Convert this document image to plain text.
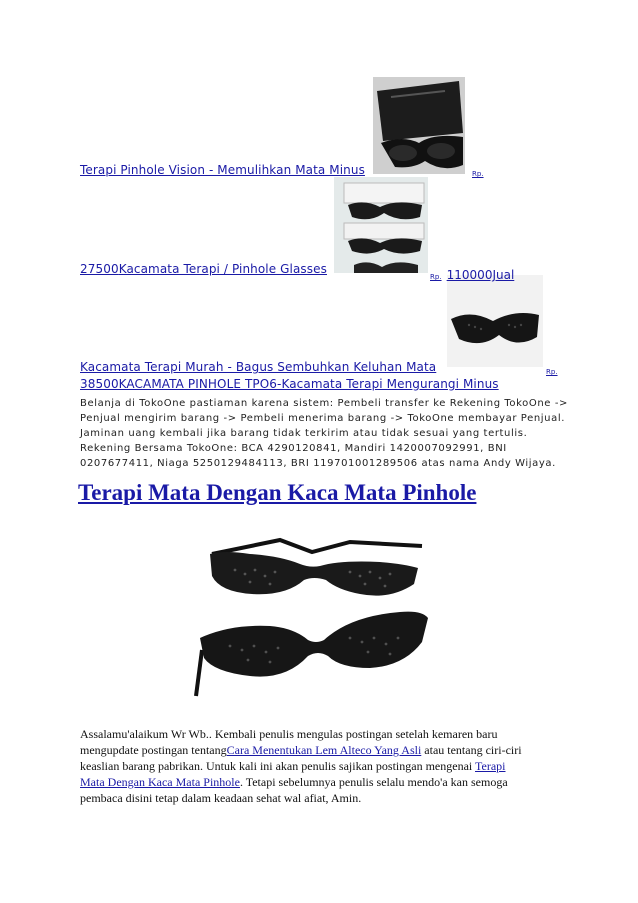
Terapi Pinhole Vision - Memulihkan Mata Minus	Rp.
27500Kacamata Terapi / Pinhole Glasses
Rp. 110000Jual
Kacamata Terapi Murah - Bagus Sembuhkan Keluhan Mata	Rp.
38500KACAMATA PINHOLE TPO6-Kacamata Terapi Mengurangi Minus
Belanja di TokoOne pastiaman karena sistem: Pembeli transfer ke Rekening TokoOne ->
Penjual mengirim barang -> Pembeli menerima barang -> TokoOne membayar Penjual.
Jaminan uang kembali jika barang tidak terkirim atau tidak sesuai yang tertulis.
Rekening Bersama TokoOne: BCA 4290120841, Mandiri 1420007092991, BNI
0207677411, Niaga 5250129484113, BRI 119701001289506 atas nama Andy Wijaya.
Terapi Mata Dengan Kaca Mata Pinhole
Assalamu'alaikum Wr Wb.. Kembali penulis mengulas postingan setelah kemaren baru
mengupdate postingan tentangCara Menentukan Lem Alteco Yang Asli atau tentang ciri-ciri
keaslian barang pabrikan. Untuk kali ini akan penulis sajikan postingan mengenai Terapi
Mata Dengan Kaca Mata Pinhole. Tetapi sebelumnya penulis selalu mendo'a kan semoga
pembaca disini tetap dalam keadaan sehat wal afiat, Amin.
